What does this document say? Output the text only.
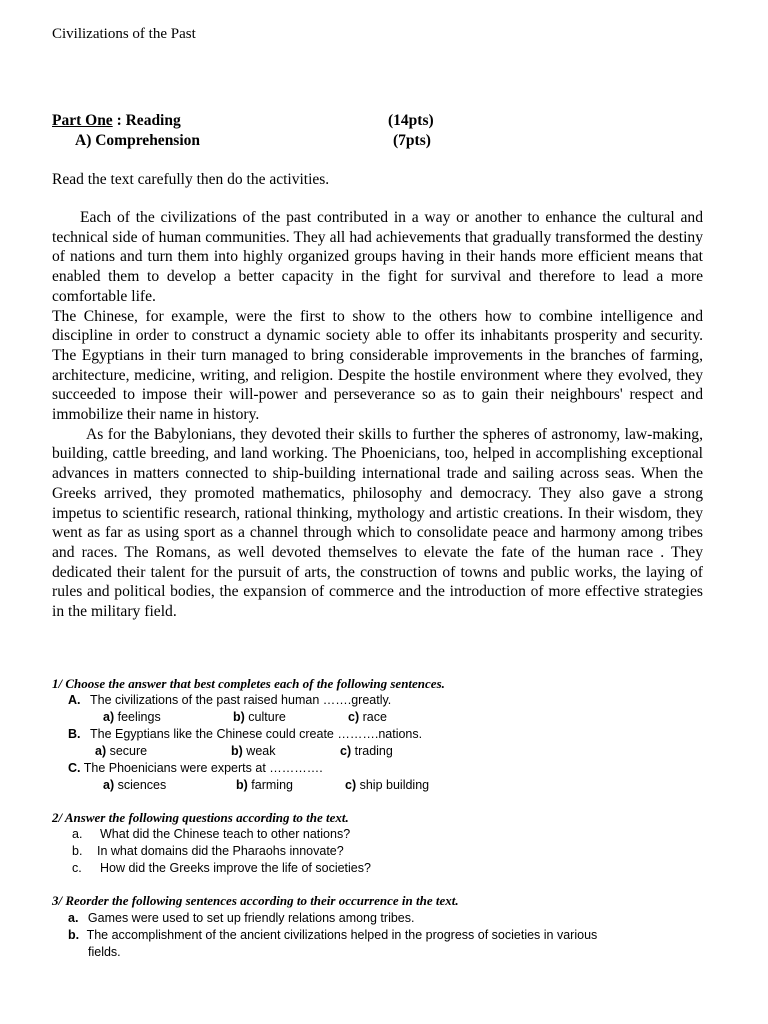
Civilizations of the Past
Part One : Reading	(14pts)
A) Comprehension	(7pts)
Read the text carefully then do the activities.

Each of the civilizations of the past contributed in a way or another to enhance the cultural and technical side of human communities. They all had achievements that gradually transformed the destiny of nations and turn them into highly organized groups having in their hands more efficient means that enabled them to develop a better capacity in the fight for survival and therefore to lead a more comfortable life.

The Chinese, for example, were the first to show to the others how to combine intelligence and discipline in order to construct a dynamic society able to offer its inhabitants prosperity and security. The Egyptians in their turn managed to bring considerable improvements in the branches of farming, architecture, medicine, writing, and religion. Despite the hostile environment where they evolved, they succeeded to impose their will-power and perseverance so as to gain their neighbours' respect and immobilize their name in history.

As for the Babylonians, they devoted their skills to further the spheres of astronomy, law-making, building, cattle breeding, and land working. The Phoenicians, too, helped in accomplishing exceptional advances in matters connected to ship-building international trade and sailing across seas. When the Greeks arrived, they promoted mathematics, philosophy and democracy. They also gave a strong impetus to scientific research, rational thinking, mythology and artistic creations. In their wisdom, they went as far as using sport as a channel through which to consolidate peace and harmony among tribes and races. The Romans, as well devoted themselves to elevate the fate of the human race . They dedicated their talent for the pursuit of arts, the construction of towns and public works, the laying of rules and political bodies, the expansion of commerce and the introduction of more effective strategies in the military field.

1/ Choose the answer that best completes each of the following sentences.
A. The civilizations of the past raised human …….greatly.
a) feelings	b) culture	c) race
B. The Egyptians like the Chinese could create ……….nations.
a) secure	b) weak	c) trading
C. The Phoenicians were experts at ………….
a) sciences	b) farming	c) ship building
2/ Answer the following questions according to the text.
a. What did the Chinese teach to other nations?
b. In what domains did the Pharaohs innovate?
c. How did the Greeks improve the life of societies?
3/ Reorder the following sentences according to their occurrence in the text.
a. Games were used to set up friendly relations among tribes.
b. The accomplishment of the ancient civilizations helped in the progress of societies in various
fields.
